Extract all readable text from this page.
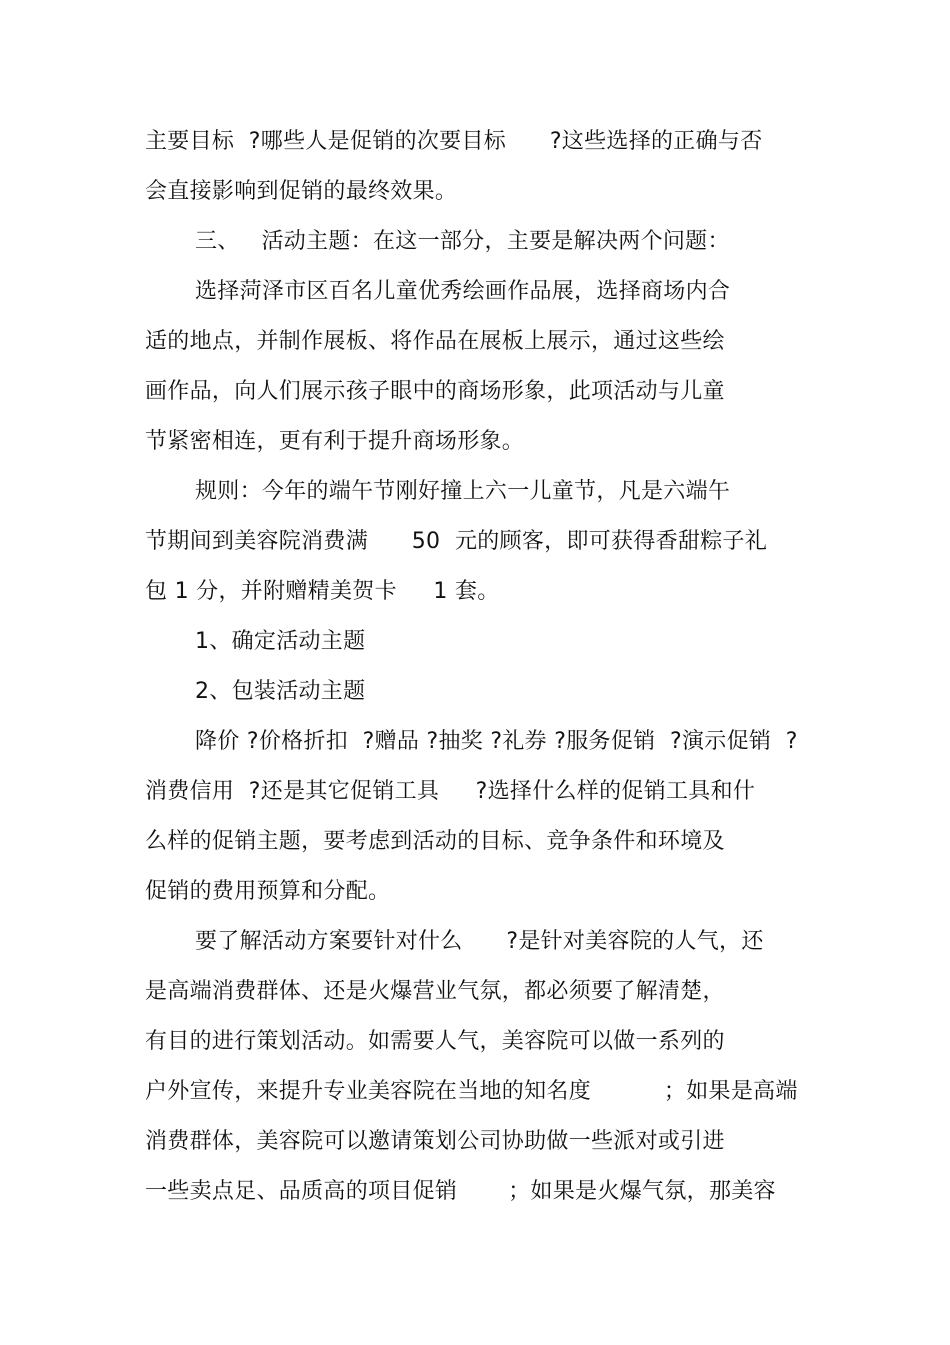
主要目标  ?哪些人是促销的次要目标      ?这些选择的正确与否
会直接影响到促销的最终效果。
三、   活动主题：在这一部分，主要是解决两个问题：
选择菏泽市区百名儿童优秀绘画作品展，选择商场内合
适的地点，并制作展板、将作品在展板上展示，通过这些绘
画作品，向人们展示孩子眼中的商场形象，此项活动与儿童
节紧密相连，更有利于提升商场形象。
规则：今年的端午节刚好撞上六一儿童节，凡是六端午
节期间到美容院消费满      50  元的顾客，即可获得香甜粽子礼
包 1 分，并附赠精美贺卡     1 套。
1、确定活动主题
2、包装活动主题
降价 ?价格折扣  ?赠品 ?抽奖 ?礼券 ?服务促销  ?演示促销  ?
消费信用  ?还是其它促销工具     ?选择什么样的促销工具和什
么样的促销主题，要考虑到活动的目标、竞争条件和环境及
促销的费用预算和分配。
要了解活动方案要针对什么      ?是针对美容院的人气，还
是高端消费群体、还是火爆营业气氛，都必须要了解清楚，
有目的进行策划活动。如需要人气，美容院可以做一系列的
户外宣传，来提升专业美容院在当地的知名度          ；如果是高端
消费群体，美容院可以邀请策划公司协助做一些派对或引进
一些卖点足、品质高的项目促销       ；如果是火爆气氛，那美容
